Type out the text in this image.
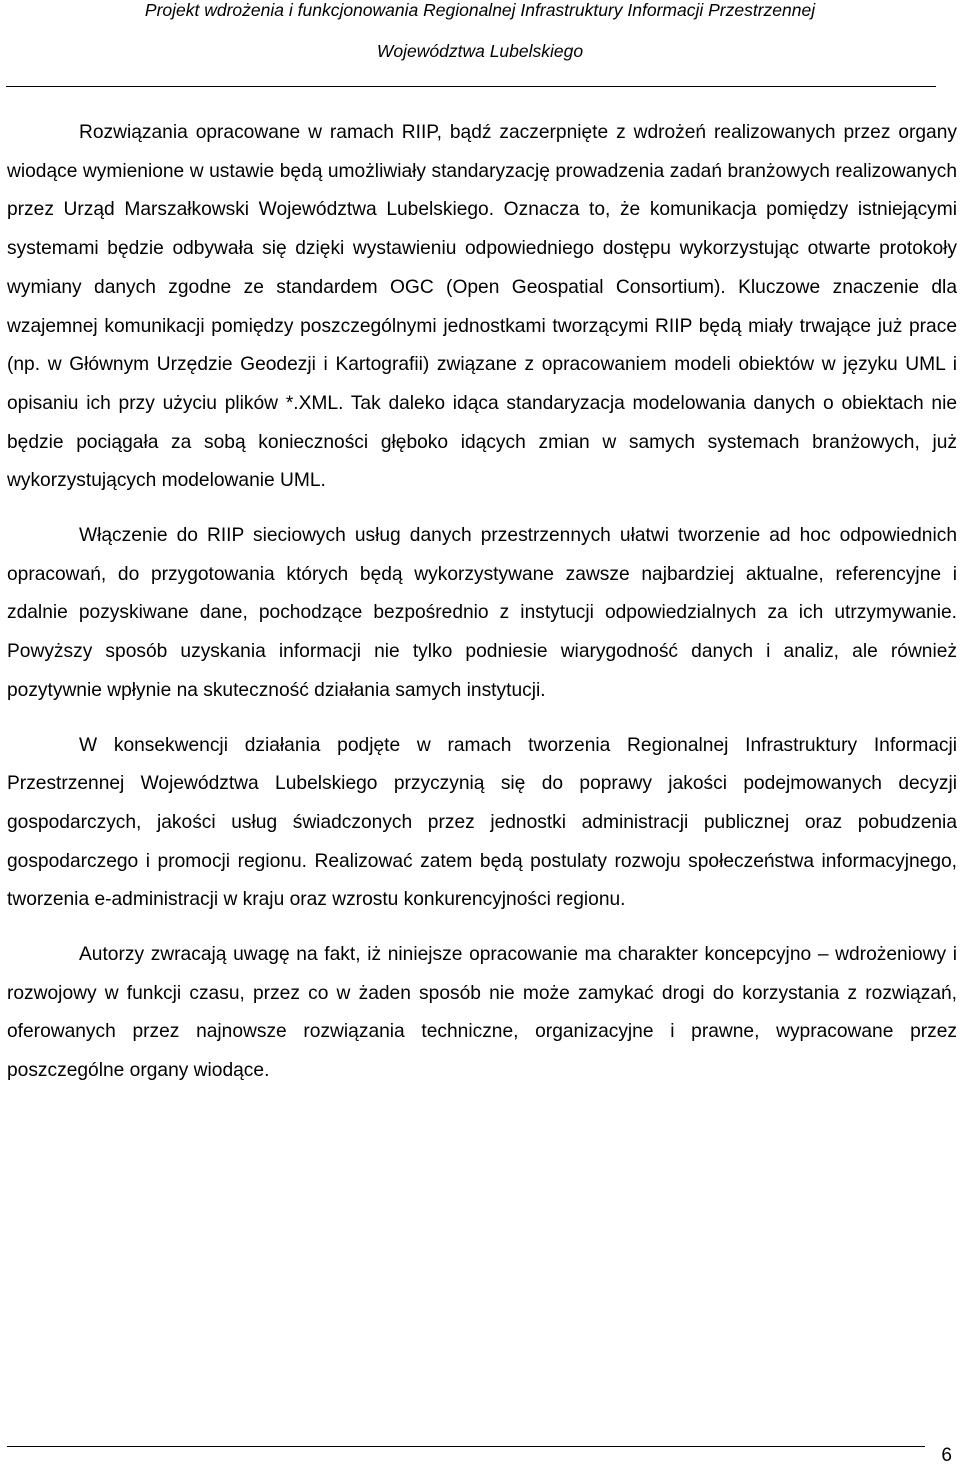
Projekt wdrożenia i funkcjonowania Regionalnej Infrastruktury Informacji Przestrzennej
Województwa Lubelskiego

Rozwiązania opracowane w ramach RIIP, bądź zaczerpnięte z wdrożeń realizowanych przez organy wiodące wymienione w ustawie będą umożliwiały standaryzację prowadzenia zadań branżowych realizowanych przez Urząd Marszałkowski Województwa Lubelskiego. Oznacza to, że komunikacja pomiędzy istniejącymi systemami będzie odbywała się dzięki wystawieniu odpowiedniego dostępu wykorzystując otwarte protokoły wymiany danych zgodne ze standardem OGC (Open Geospatial Consortium). Kluczowe znaczenie dla wzajemnej komunikacji pomiędzy poszczególnymi jednostkami tworzącymi RIIP będą miały trwające już prace (np. w Głównym Urzędzie Geodezji i Kartografii) związane z opracowaniem modeli obiektów w języku UML i opisaniu ich przy użyciu plików *.XML. Tak daleko idąca standaryzacja modelowania danych o obiektach nie będzie pociągała za sobą konieczności głęboko idących zmian w samych systemach branżowych, już wykorzystujących modelowanie UML.

Włączenie do RIIP sieciowych usług danych przestrzennych ułatwi tworzenie ad hoc odpowiednich opracowań, do przygotowania których będą wykorzystywane zawsze najbardziej aktualne, referencyjne i zdalnie pozyskiwane dane, pochodzące bezpośrednio z instytucji odpowiedzialnych za ich utrzymywanie. Powyższy sposób uzyskania informacji nie tylko podniesie wiarygodność danych i analiz, ale również pozytywnie wpłynie na skuteczność działania samych instytucji.

W konsekwencji działania podjęte w ramach tworzenia Regionalnej Infrastruktury Informacji Przestrzennej Województwa Lubelskiego przyczynią się do poprawy jakości podejmowanych decyzji gospodarczych, jakości usług świadczonych przez jednostki administracji publicznej oraz pobudzenia gospodarczego i promocji regionu. Realizować zatem będą postulaty rozwoju społeczeństwa informacyjnego, tworzenia e-administracji w kraju oraz wzrostu konkurencyjności regionu.

Autorzy zwracają uwagę na fakt, iż niniejsze opracowanie ma charakter koncepcyjno – wdrożeniowy i rozwojowy w funkcji czasu, przez co w żaden sposób nie może zamykać drogi do korzystania z rozwiązań, oferowanych przez najnowsze rozwiązania techniczne, organizacyjne i prawne, wypracowane przez poszczególne organy wiodące.

6
